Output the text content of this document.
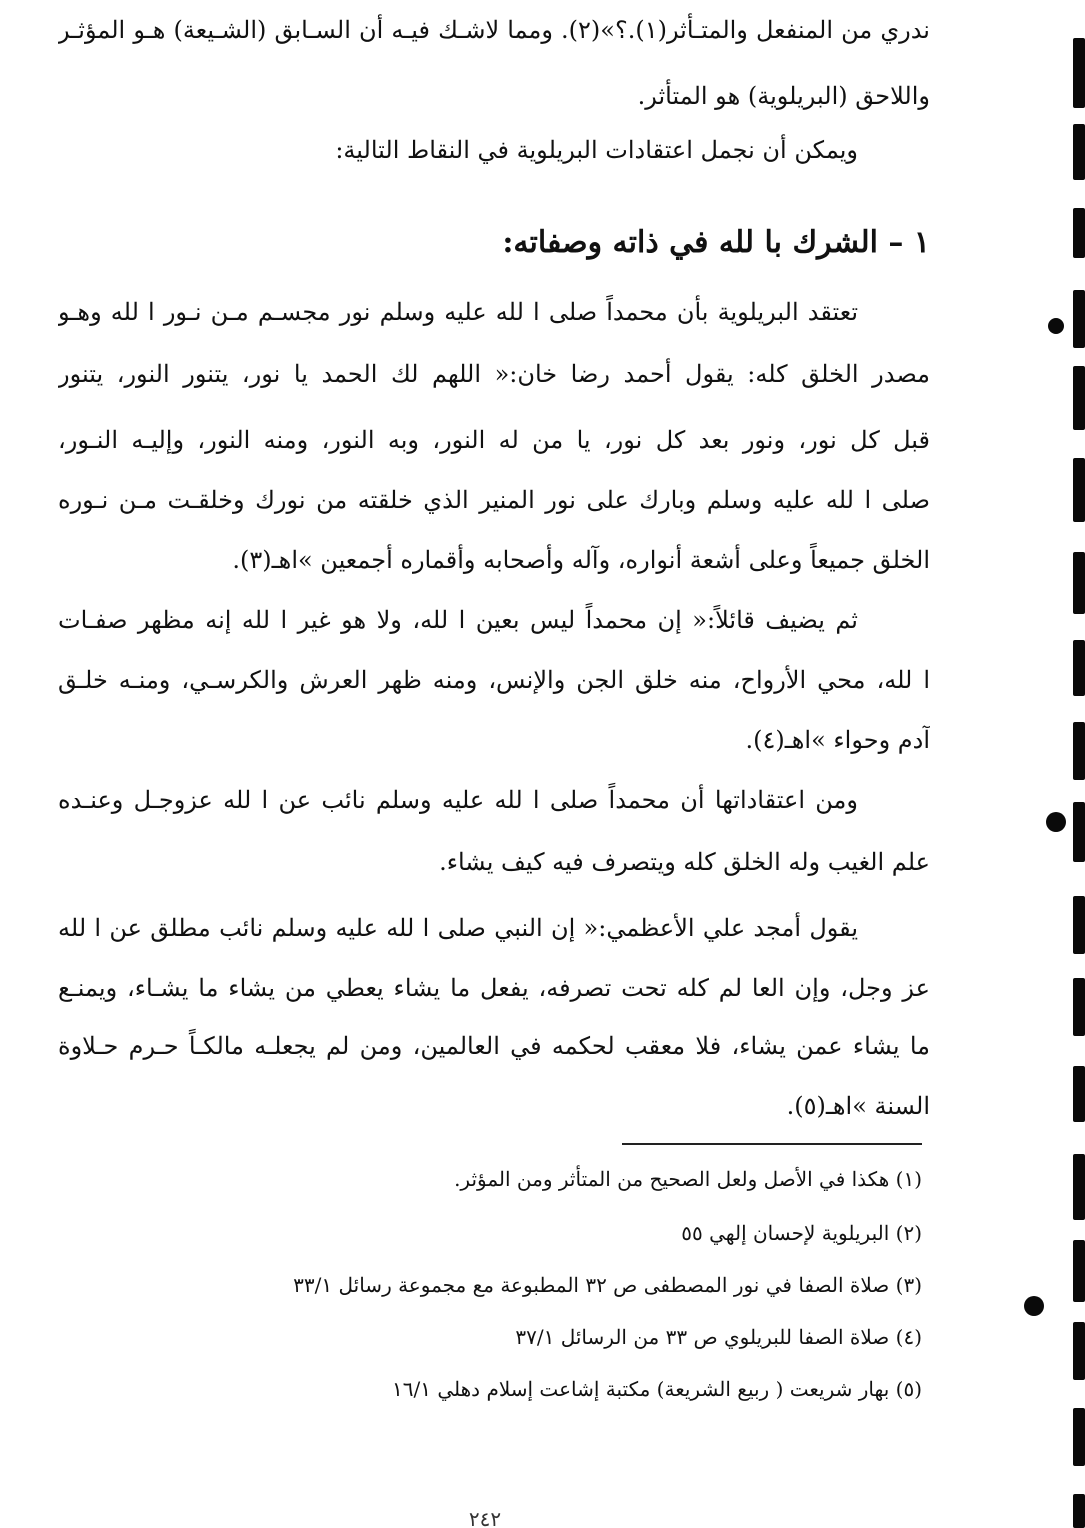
ندري من المنفعل والمتـأثر(١).؟»(٢). ومما لاشـك فيـه أن السـابق (الشـيعة) هـو المؤثـر
واللاحق (البريلوية) هو المتأثر.
ويمكن أن نجمل اعتقادات البريلوية في النقاط التالية:
١ – الشرك با لله في ذاته وصفاته:
تعتقد البريلوية بأن محمداً صلى ا لله عليه وسلم نور مجسـم مـن نـور ا لله وهـو
مصدر الخلق كله: يقول أحمد رضا خان:« اللهم لك الحمد يا نور، يتنور النور، يتنور
قبل كل نور، ونور بعد كل نور، يا من له النور، وبه النور، ومنه النور، وإليـه النـور،
صلى ا لله عليه وسلم وبارك على نور المنير الذي خلقته من نورك وخلقـت مـن نـوره
الخلق جميعاً وعلى أشعة أنواره، وآله وأصحابه وأقماره أجمعين »اهـ(٣).
ثم يضيف قائلاً:« إن محمداً ليس بعين ا لله، ولا هو غير ا لله إنه مظهر صفـات
ا لله، محي الأرواح، منه خلق الجن والإنس، ومنه ظهر العرش والكرسـي، ومنـه خلـق
آدم وحواء »اهـ(٤).
ومن اعتقاداتها أن محمداً صلى ا لله عليه وسلم نائب عن ا لله عزوجـل وعنـده
علم الغيب وله الخلق كله ويتصرف فيه كيف يشاء.
يقول أمجد علي الأعظمي:« إن النبي صلى ا لله عليه وسلم نائب مطلق عن ا لله
عز وجل، وإن العا لم كله تحت تصرفه، يفعل ما يشاء يعطي من يشاء ما يشـاء، ويمنـع
ما يشاء عمن يشاء، فلا معقب لحكمه في العالمين، ومن لم يجعلـه مالكـاً حـرم حـلاوة
السنة »اهـ(٥).
(١) هكذا في الأصل ولعل الصحيح من المتأثر ومن المؤثر.
(٢) البريلوية لإحسان إلهي ٥٥
(٣) صلاة الصفا في نور المصطفى ص ٣٢ المطبوعة مع مجموعة رسائل ٣٣/١
(٤) صلاة الصفا للبريلوي ص ٣٣ من الرسائل ٣٧/١
(٥) بهار شريعت ( ربيع الشريعة) مكتبة إشاعت إسلام دهلي ١٦/١
٢٤٢
